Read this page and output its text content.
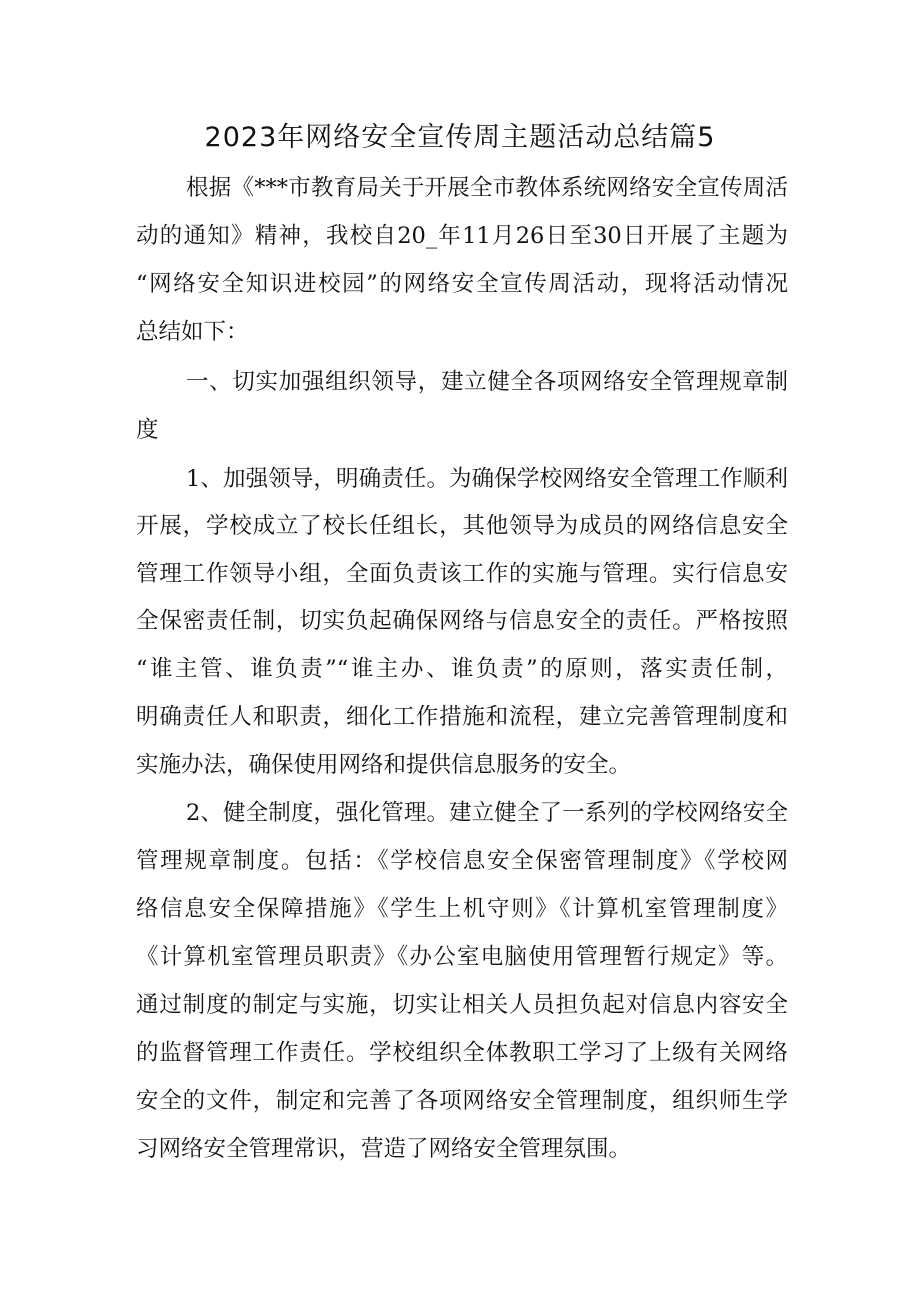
2023年网络安全宣传周主题活动总结篇5
根据《***市教育局关于开展全市教体系统网络安全宣传周活
动的通知》精神，我校自20_年11月26日至30日开展了主题为
“网络安全知识进校园”的网络安全宣传周活动，现将活动情况
总结如下：
一、切实加强组织领导，建立健全各项网络安全管理规章制
度
1、加强领导，明确责任。为确保学校网络安全管理工作顺利
开展，学校成立了校长任组长，其他领导为成员的网络信息安全
管理工作领导小组，全面负责该工作的实施与管理。实行信息安
全保密责任制，切实负起确保网络与信息安全的责任。严格按照
“谁主管、谁负责”“谁主办、谁负责”的原则，落实责任制，
明确责任人和职责，细化工作措施和流程，建立完善管理制度和
实施办法，确保使用网络和提供信息服务的安全。
2、健全制度，强化管理。建立健全了一系列的学校网络安全
管理规章制度。包括：《学校信息安全保密管理制度》《学校网
络信息安全保障措施》《学生上机守则》《计算机室管理制度》
《计算机室管理员职责》《办公室电脑使用管理暂行规定》等。
通过制度的制定与实施，切实让相关人员担负起对信息内容安全
的监督管理工作责任。学校组织全体教职工学习了上级有关网络
安全的文件，制定和完善了各项网络安全管理制度，组织师生学
习网络安全管理常识，营造了网络安全管理氛围。
